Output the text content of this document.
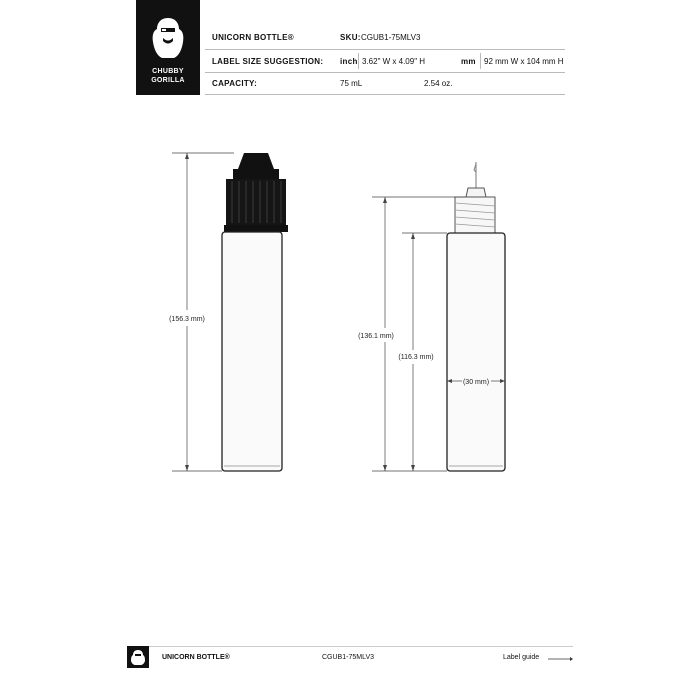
CHUBBY
GORILLA
UNICORN BOTTLE®	SKU: CGUB1-75MLV3
LABEL SIZE SUGGESTION: inch 3.62" W x 4.09" H	mm 92 mm W x 104 mm H
CAPACITY:	75 mL	2.54 oz.
(156.3 mm)
(136.1 mm)
(116.3 mm)
(30 mm)
UNICORN BOTTLE®	CGUB1-75MLV3	Label guide
